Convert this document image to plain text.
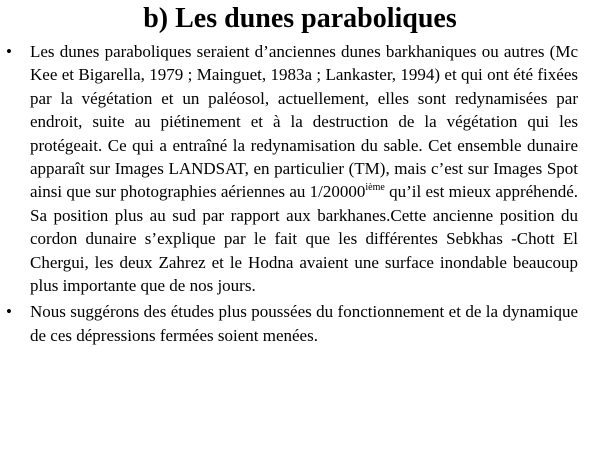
b) Les dunes paraboliques
•	Les dunes paraboliques seraient d’anciennes dunes barkhaniques ou autres (Mc Kee et Bigarella, 1979 ; Mainguet, 1983a ; Lankaster, 1994) et qui ont été fixées par la végétation et un paléosol, actuellement, elles sont redynamisées par endroit, suite au piétinement et à la destruction de la végétation qui les protégeait. Ce qui a entraîné la redynamisation du sable. Cet ensemble dunaire apparaît sur Images LANDSAT, en particulier (TM), mais c’est sur Images Spot ainsi que sur photographies aériennes au 1/20000ième qu’il est mieux appréhendé. Sa position plus au sud par rapport aux barkhanes.Cette ancienne position du cordon dunaire s’explique par le fait que les différentes Sebkhas -Chott El Chergui, les deux Zahrez et le Hodna avaient une surface inondable beaucoup plus importante que de nos jours.
•	Nous suggérons des études plus poussées du fonctionnement et de la dynamique de ces dépressions fermées soient menées.
